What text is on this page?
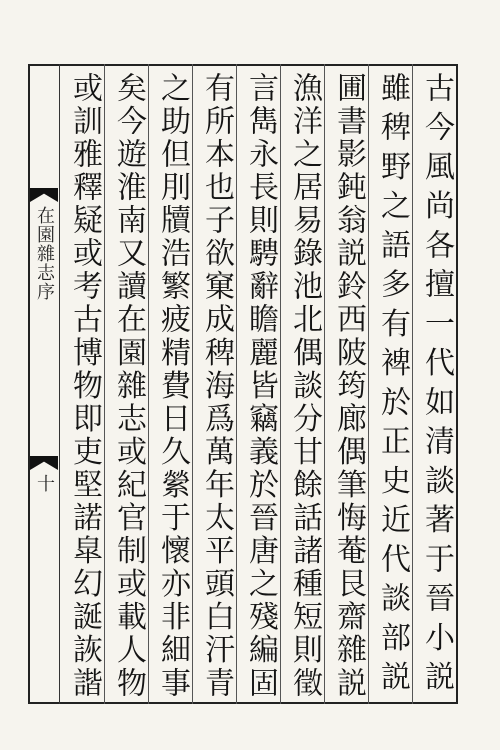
在園雜志序
十	古今風尚各擅一代如清談著于晉小説
雖稗野之語多有裨於正史近代談部説
圃書影鈍翁説鈴西陂筠廊偶筆悔菴艮齋雜説
漁洋之居易錄池北偶談分甘餘話諸種短則徵
言雋永長則騁辭瞻麗皆竊義於晉唐之殘編固
有所本也子欲窠成稗海爲萬年太平頭白汗青
之助但刖牘浩繁疲精費日久縈于懷亦非細事
矣今遊淮南又讀在園雜志或紀官制或載人物
或訓雅釋疑或考古博物即吏堅諾皐幻誕詼諧
